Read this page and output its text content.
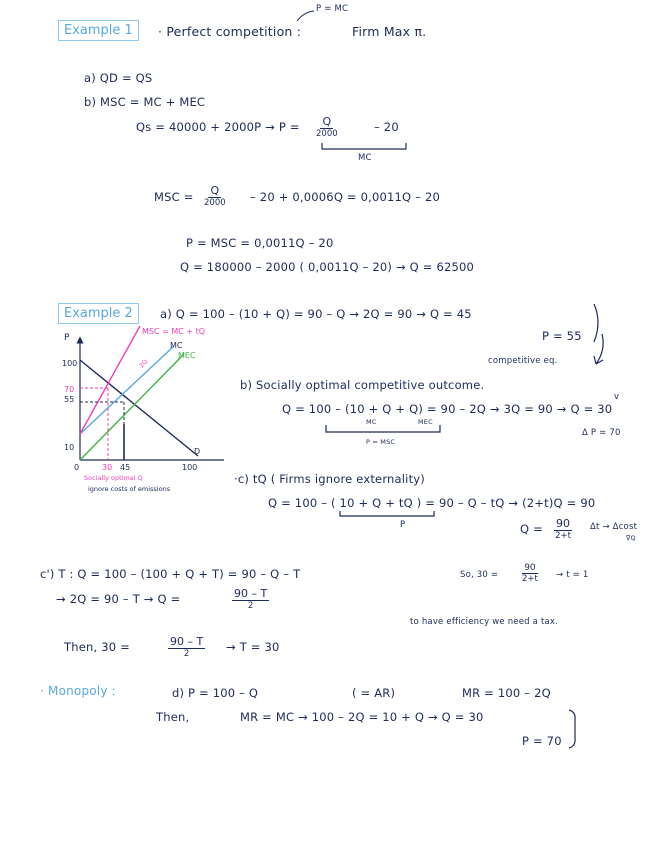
P = MC
Example 1	· Perfect competition :	Firm Max π.
a) QD = QS
b) MSC = MC + MEC
Qs = 40000 + 2000P → P = Q
2000	– 20
MC
MSC = Q
2000 – 20 + 0,0006Q = 0,0011Q – 20
P = MSC = 0,0011Q – 20
Q = 180000 – 2000 ( 0,0011Q – 20) → Q = 62500
Example 2	a) Q = 100 – (10 + Q) = 90 – Q → 2Q = 90 → Q = 45
P = 55
competitive eq.
P
100
70
55
10
0	30 45	100
D
MSC = MC + tQ
MC
MEC
2Q
Socially optimal Q
ignore costs of emissions
b) Socially optimal competitive outcome.
v
Q = 100 – (10 + Q + Q) = 90 – 2Q → 3Q = 90 → Q = 30
MC	MEC
P = MSC
Δ P = 70
·c) tQ ( Firms ignore externality)
Q = 100 – ( 10 + Q + tQ ) = 90 – Q – tQ → (2+t)Q = 90
P	Q = 90
2+t
Δt → Δcost
∇Q
c') T : Q = 100 – (100 + Q + T) = 90 – Q – T	So, 30 =	$\frac{90}{2+t} \to t = 1$
→ 2Q = 90 – T → Q =	90 – T
2
to have efficiency we need a tax.
Then, 30 =	90 – T
2	→ T = 30
· Monopoly :	d) P = 100 – Q	( = AR)	MR = 100 – 2Q
Then,	MR = MC → 100 – 2Q = 10 + Q → Q = 30
P = 70
